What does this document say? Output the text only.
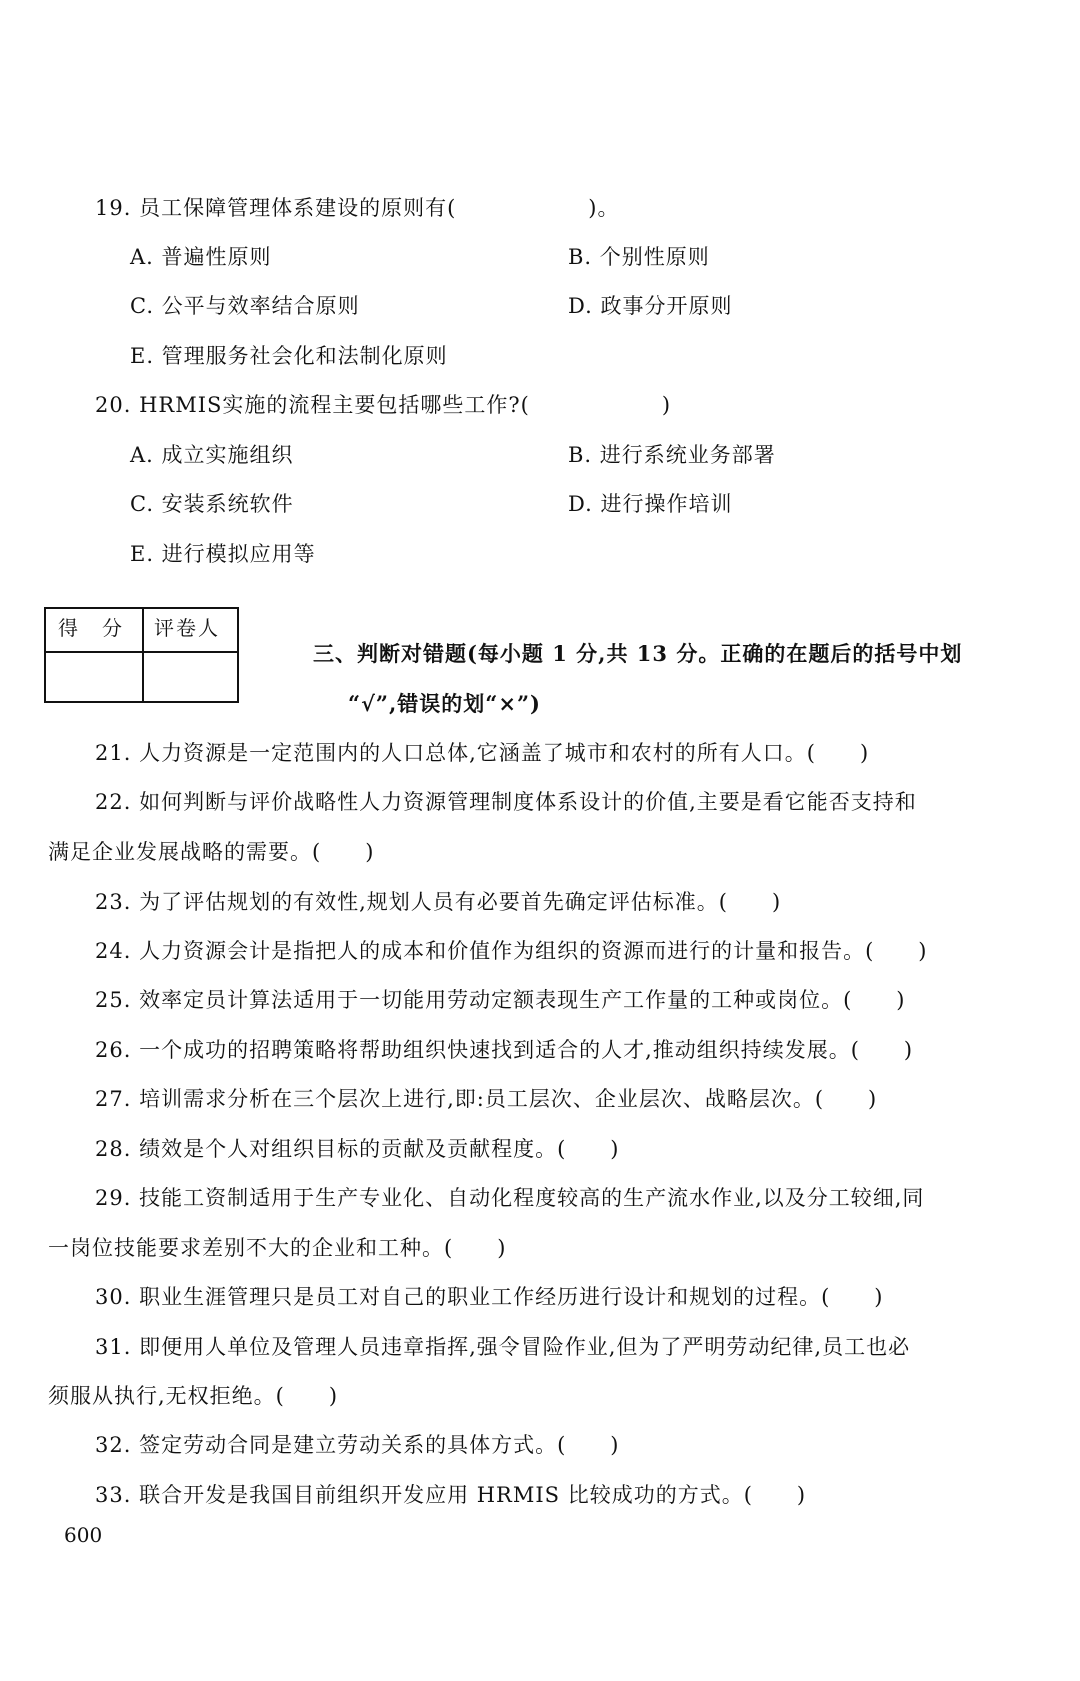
19. 员工保障管理体系建设的原则有(　　　　　　)。
A. 普遍性原则	B. 个别性原则
C. 公平与效率结合原则	D. 政事分开原则
E. 管理服务社会化和法制化原则
20. HRMIS实施的流程主要包括哪些工作?(　　　　　　)
A. 成立实施组织	B. 进行系统业务部署
C. 安装系统软件	D. 进行操作培训
E. 进行模拟应用等
得　分 评卷人
三、判断对错题(每小题 1 分,共 13 分。正确的在题后的括号中划
“√”,错误的划“×”)
21. 人力资源是一定范围内的人口总体,它涵盖了城市和农村的所有人口。(　　)
22. 如何判断与评价战略性人力资源管理制度体系设计的价值,主要是看它能否支持和
满足企业发展战略的需要。(　　)
23. 为了评估规划的有效性,规划人员有必要首先确定评估标准。(　　)
24. 人力资源会计是指把人的成本和价值作为组织的资源而进行的计量和报告。(　　)
25. 效率定员计算法适用于一切能用劳动定额表现生产工作量的工种或岗位。(　　)
26. 一个成功的招聘策略将帮助组织快速找到适合的人才,推动组织持续发展。(　　)
27. 培训需求分析在三个层次上进行,即:员工层次、企业层次、战略层次。(　　)
28. 绩效是个人对组织目标的贡献及贡献程度。(　　)
29. 技能工资制适用于生产专业化、自动化程度较高的生产流水作业,以及分工较细,同
一岗位技能要求差别不大的企业和工种。(　　)
30. 职业生涯管理只是员工对自己的职业工作经历进行设计和规划的过程。(　　)
31. 即便用人单位及管理人员违章指挥,强令冒险作业,但为了严明劳动纪律,员工也必
须服从执行,无权拒绝。(　　)
32. 签定劳动合同是建立劳动关系的具体方式。(　　)
33. 联合开发是我国目前组织开发应用 HRMIS 比较成功的方式。(　　)
600
